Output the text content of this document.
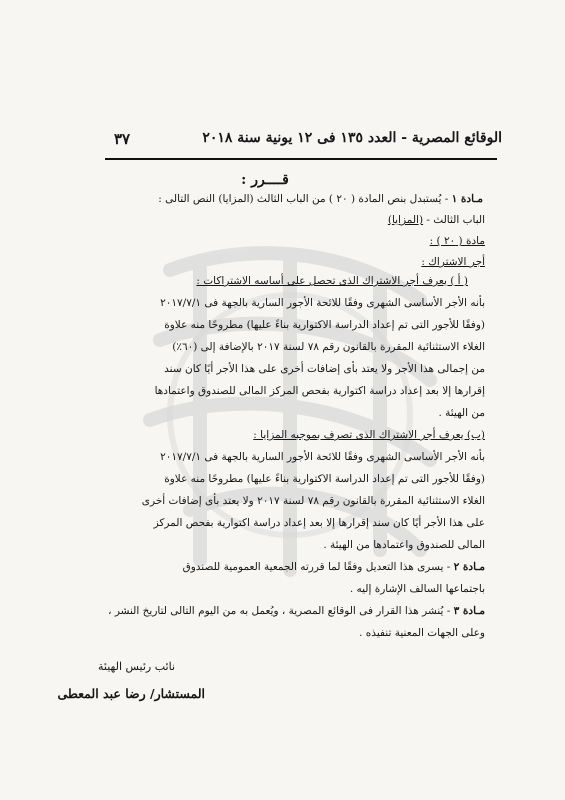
الوقائع المصرية - العدد ١٣٥ فى ١٢ يونية سنة ٢٠١٨
٣٧
قــــرر :
مـادة ١ - يُستبدل بنص المادة ( ٢٠ ) من الباب الثالث (المزايا) النص التالى :
الباب الثالث - (المزايا)
مادة ( ٢٠ ) :
أجر الاشتراك :
( أ ) يعرف أجر الاشتراك الذى تحصل على أساسه الاشتراكات :
بأنه الأجر الأساسى الشهرى وفقًا للائحة الأجور السارية بالجهة فى ٢٠١٧/٧/١
(وفقًا للأجور التى تم إعداد الدراسة الاكتوارية بناءً عليها) مطروحًا منه علاوة
الغلاء الاستثنائية المقررة بالقانون رقم ٧٨ لسنة ٢٠١٧ بالإضافة إلى (٦٠٪)
من إجمالى هذا الأجر ولا يعتد بأى إضافات أخرى على هذا الأجر أيًا كان سند
إقرارها إلا بعد إعداد دراسة اكتوارية بفحص المركز المالى للصندوق واعتمادها
من الهيئة .
(ب) يعرف أجر الاشتراك الذى تصرف بموجبه المزايا :
بأنه الأجر الأساسى الشهرى وفقًا للائحة الأجور السارية بالجهة فى ٢٠١٧/٧/١
(وفقًا للأجور التى تم إعداد الدراسة الاكتوارية بناءً عليها) مطروحًا منه علاوة
الغلاء الاستثنائية المقررة بالقانون رقم ٧٨ لسنة ٢٠١٧ ولا يعتد بأى إضافات أخرى
على هذا الأجر أيًا كان سند إقرارها إلا بعد إعداد دراسة اكتوارية بفحص المركز
المالى للصندوق واعتمادها من الهيئة .
مـادة ٢ - يسرى هذا التعديل وفقًا لما قررته الجمعية العمومية للصندوق
باجتماعها السالف الإشارة إليه .
مـادة ٣ - يُنشر هذا القرار فى الوقائع المصرية ، ويُعمل به من اليوم التالى لتاريخ النشر ،
وعلى الجهات المعنية تنفيذه .
نائب رئيس الهيئة
المستشار/ رضا عبد المعطى
